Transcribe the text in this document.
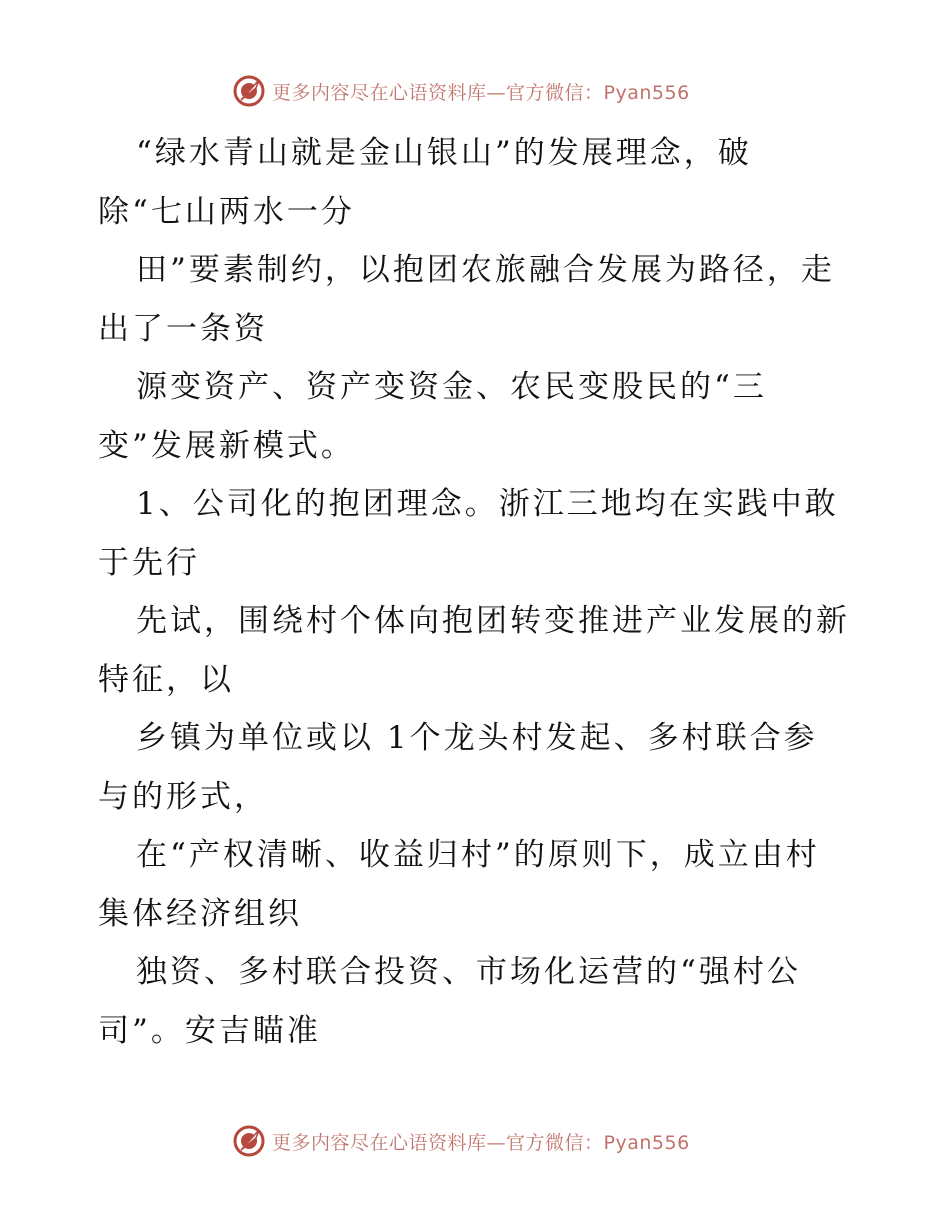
更多内容尽在心语资料库—官方微信：Pyan556
“绿水青山就是金山银山”的发展理念，破
除“七山两水一分
田”要素制约，以抱团农旅融合发展为路径，走
出了一条资
源变资产、资产变资金、农民变股民的“三
变”发展新模式。
1、公司化的抱团理念。浙江三地均在实践中敢
于先行
先试，围绕村个体向抱团转变推进产业发展的新
特征，以
乡镇为单位或以 1个龙头村发起、多村联合参
与的形式，
在“产权清晰、收益归村”的原则下，成立由村
集体经济组织
独资、多村联合投资、市场化运营的“强村公
司”。安吉瞄准
更多内容尽在心语资料库—官方微信：Pyan556
